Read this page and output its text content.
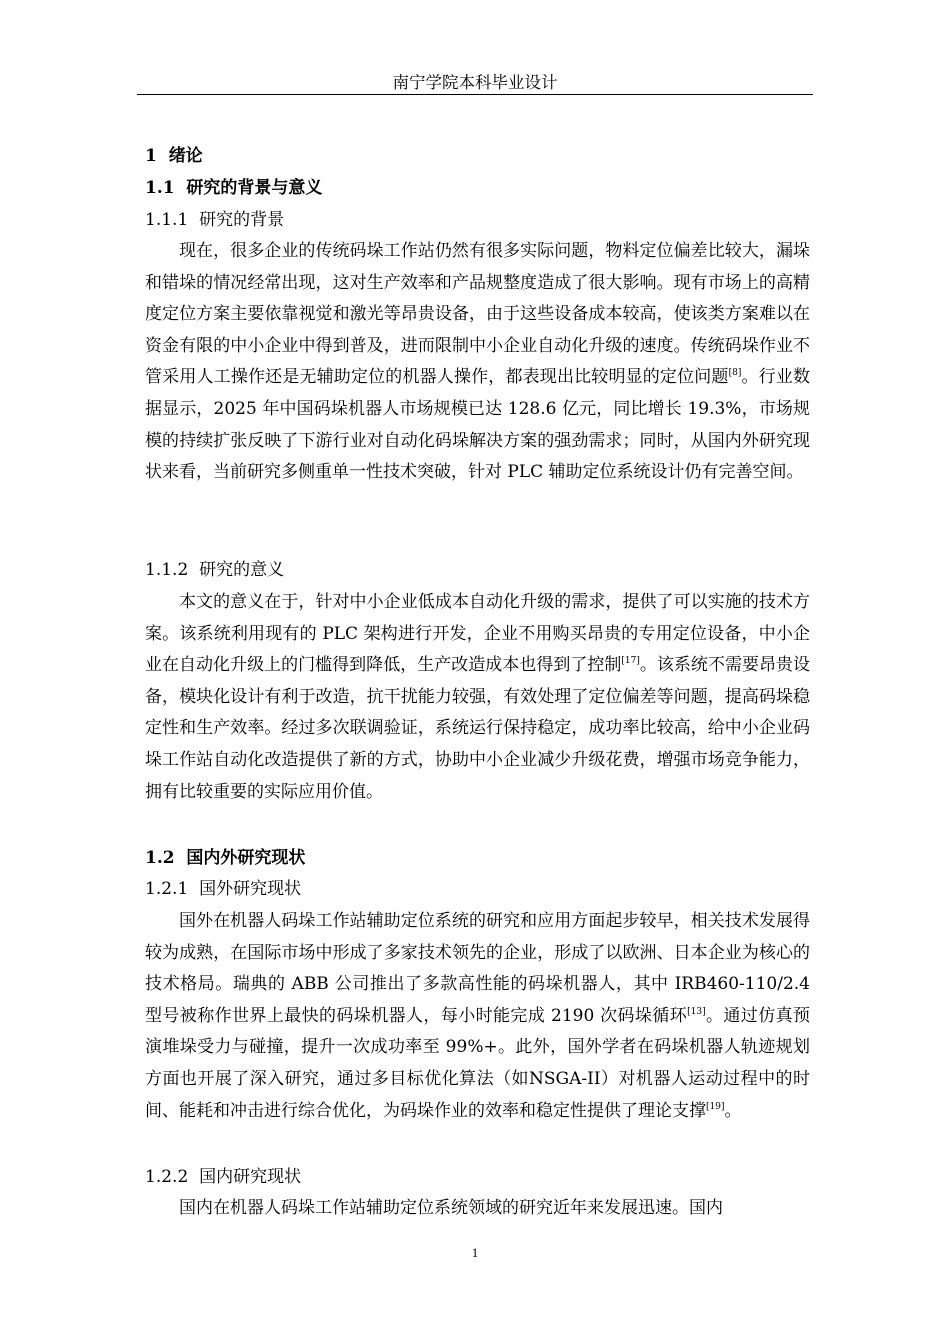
南宁学院本科毕业设计
1 绪论
1.1 研究的背景与意义
1.1.1 研究的背景
现在，很多企业的传统码垛工作站仍然有很多实际问题，物料定位偏差比较大，漏垛和错垛的情况经常出现，这对生产效率和产品规整度造成了很大影响。现有市场上的高精度定位方案主要依靠视觉和激光等昂贵设备，由于这些设备成本较高，使该类方案难以在资金有限的中小企业中得到普及，进而限制中小企业自动化升级的速度。传统码垛作业不管采用人工操作还是无辅助定位的机器人操作，都表现出比较明显的定位问题[8]。行业数据显示，2025 年中国码垛机器人市场规模已达 128.6 亿元，同比增长 19.3%，市场规模的持续扩张反映了下游行业对自动化码垛解决方案的强劲需求；同时，从国内外研究现状来看，当前研究多侧重单一性技术突破，针对 PLC 辅助定位系统设计仍有完善空间。
1.1.2 研究的意义
本文的意义在于，针对中小企业低成本自动化升级的需求，提供了可以实施的技术方案。该系统利用现有的 PLC 架构进行开发，企业不用购买昂贵的专用定位设备，中小企业在自动化升级上的门槛得到降低，生产改造成本也得到了控制[17]。该系统不需要昂贵设备，模块化设计有利于改造，抗干扰能力较强，有效处理了定位偏差等问题，提高码垛稳定性和生产效率。经过多次联调验证，系统运行保持稳定，成功率比较高，给中小企业码垛工作站自动化改造提供了新的方式，协助中小企业减少升级花费，增强市场竞争能力，拥有比较重要的实际应用价值。
1.2 国内外研究现状
1.2.1 国外研究现状
国外在机器人码垛工作站辅助定位系统的研究和应用方面起步较早，相关技术发展得较为成熟，在国际市场中形成了多家技术领先的企业，形成了以欧洲、日本企业为核心的技术格局。瑞典的 ABB 公司推出了多款高性能的码垛机器人，其中 IRB460-110/2.4 型号被称作世界上最快的码垛机器人，每小时能完成 2190 次码垛循环[13]。通过仿真预演堆垛受力与碰撞，提升一次成功率至 99%+。此外，国外学者在码垛机器人轨迹规划方面也开展了深入研究，通过多目标优化算法（如NSGA-II）对机器人运动过程中的时间、能耗和冲击进行综合优化，为码垛作业的效率和稳定性提供了理论支撑[19]。
1.2.2 国内研究现状
国内在机器人码垛工作站辅助定位系统领域的研究近年来发展迅速。国内
1
